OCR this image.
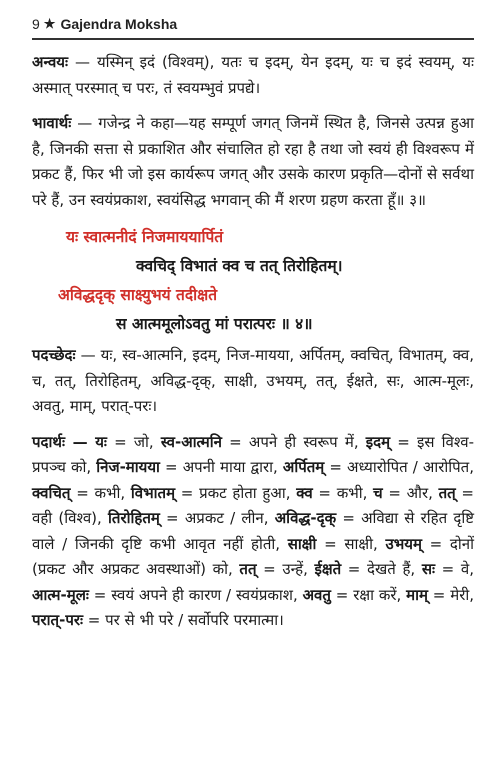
9 ★ Gajendra Moksha

अन्वयः — यस्मिन् इदं (विश्वम्), यतः च इदम्, येन इदम्, यः च इदं स्वयम्, यः अस्मात् परस्मात् च परः, तं स्वयम्भुवं प्रपद्ये।

भावार्थः — गजेन्द्र ने कहा—यह सम्पूर्ण जगत् जिनमें स्थित है, जिनसे उत्पन्न हुआ है, जिनकी सत्ता से प्रकाशित और संचालित हो रहा है तथा जो स्वयं ही विश्वरूप में प्रकट हैं, फिर भी जो इस कार्यरूप जगत् और उसके कारण प्रकृति—दोनों से सर्वथा परे हैं, उन स्वयंप्रकाश, स्वयंसिद्ध भगवान् की मैं शरण ग्रहण करता हूँ॥ ३॥

यः स्वात्मनीदं निजमाययार्पितं
क्वचिद् विभातं क्व च तत् तिरोहितम्।
अविद्धदृक् साक्ष्युभयं तदीक्षते
स आत्ममूलोऽवतु मां परात्परः ॥ ४॥

पदच्छेदः — यः, स्व-आत्मनि, इदम्, निज-मायया, अर्पितम्, क्वचित्, विभातम्, क्व, च, तत्, तिरोहितम्, अविद्ध-दृक्, साक्षी, उभयम्, तत्, ईक्षते, सः, आत्म-मूलः, अवतु, माम्, परात्-परः।

पदार्थः — यः = जो, स्व-आत्मनि = अपने ही स्वरूप में, इदम् = इस विश्व-प्रपञ्च को, निज-मायया = अपनी माया द्वारा, अर्पितम् = अध्यारोपित / आरोपित, क्वचित् = कभी, विभातम् = प्रकट होता हुआ, क्व = कभी, च = और, तत् = वही (विश्व), तिरोहितम् = अप्रकट / लीन, अविद्ध-दृक् = अविद्या से रहित दृष्टि वाले / जिनकी दृष्टि कभी आवृत नहीं होती, साक्षी = साक्षी, उभयम् = दोनों (प्रकट और अप्रकट अवस्थाओं) को, तत् = उन्हें, ईक्षते = देखते हैं, सः = वे, आत्म-मूलः = स्वयं अपने ही कारण / स्वयंप्रकाश, अवतु = रक्षा करें, माम् = मेरी, परात्-परः = पर से भी परे / सर्वोपरि परमात्मा।
